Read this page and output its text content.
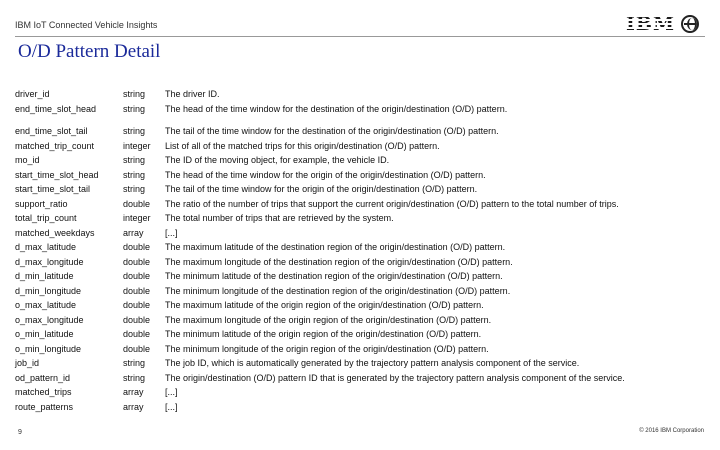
IBM IoT Connected Vehicle Insights	IBM
O/D Pattern Detail
driver_id	string	The driver ID.
end_time_slot_head	string	The head of the time window for the destination of the origin/destination (O/D) pattern.
end_time_slot_tail	string	The tail of the time window for the destination of the origin/destination (O/D) pattern.
matched_trip_count	integer	List of all of the matched trips for this origin/destination (O/D) pattern.
mo_id	string	The ID of the moving object, for example, the vehicle ID.
start_time_slot_head	string	The head of the time window for the origin of the origin/destination (O/D) pattern.
start_time_slot_tail	string	The tail of the time window for the origin of the origin/destination (O/D) pattern.
support_ratio	double	The ratio of the number of trips that support the current origin/destination (O/D) pattern to the total number of trips.
total_trip_count	integer	The total number of trips that are retrieved by the system.
matched_weekdays	array	[...]
d_max_latitude	double	The maximum latitude of the destination region of the origin/destination (O/D) pattern.
d_max_longitude	double	The maximum longitude of the destination region of the origin/destination (O/D) pattern.
d_min_latitude	double	The minimum latitude of the destination region of the origin/destination (O/D) pattern.
d_min_longitude	double	The minimum longitude of the destination region of the origin/destination (O/D) pattern.
o_max_latitude	double	The maximum latitude of the origin region of the origin/destination (O/D) pattern.
o_max_longitude	double	The maximum longitude of the origin region of the origin/destination (O/D) pattern.
o_min_latitude	double	The minimum latitude of the origin region of the origin/destination (O/D) pattern.
o_min_longitude	double	The minimum longitude of the origin region of the origin/destination (O/D) pattern.
job_id	string	The job ID, which is automatically generated by the trajectory pattern analysis component of the service.
od_pattern_id	string	The origin/destination (O/D) pattern ID that is generated by the trajectory pattern analysis component of the service.
matched_trips	array	[...]
route_patterns	array	[...]
9	© 2016 IBM Corporation
